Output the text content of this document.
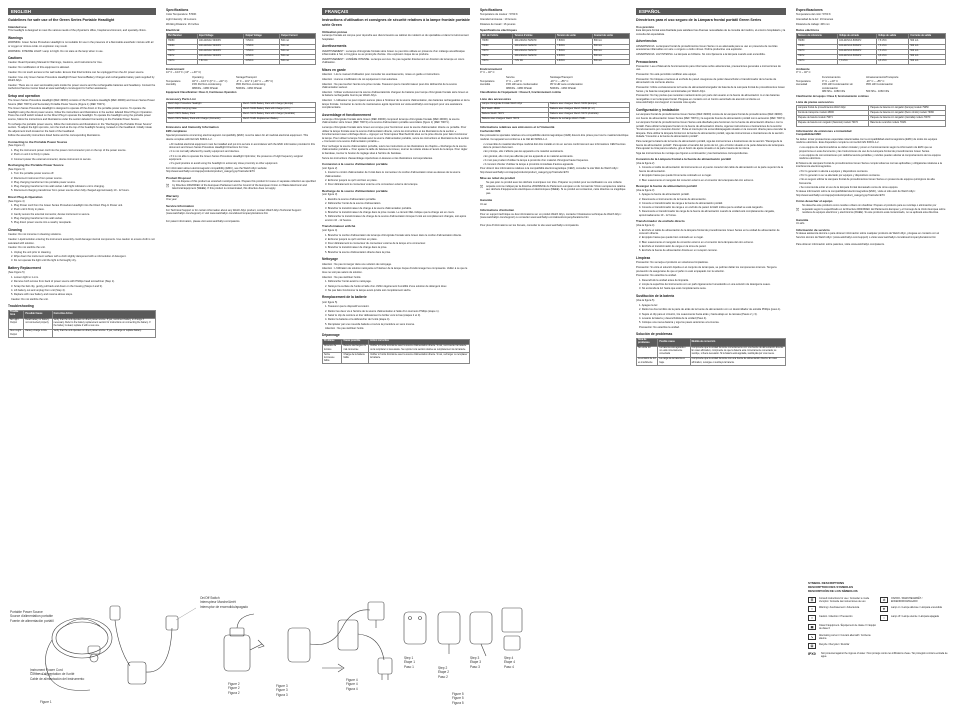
ENGLISH
Guidelines for safe use of the Green Series Portable Headlight
Intended use

This headlight is designed to meet the various needs of the physician's office, hospital environment, and specialty clinics.

Warnings

WARNING: Green Series Procedure Headlight is not suitable for use in the presence of a flammable anesthetic mixture with air or oxygen or nitrous oxide. An explosion may result.

WARNING: INTENSE LIGHT. Lamp is bright. Do not stare at the lamp when in use.

Cautions

Caution: Read Operating Manual for Warnings, Cautions, and Instructions for Use.

Caution: No modification of this equipment is allowed.

Caution: Do not touch access to the wall outlet. Ensure that this/combine can be unplugged from the AC power source.

Caution: Use only Green Series Procedure Headlight Power Source/Battery Charger and rechargeable battery pack supplied by Welch Allyn.

Caution: There are no user serviceable parts inside the power source and the rechargeable batteries and headlamp. Contact the Authorized Service Center listed at www.welchallyn.com/support for further assistance.

Setup and operation

The Green Series Procedure Headlight (REF 49000) consists of the Procedure Headlight (REF 49000) and Green Series Power Source (REF 79074) and Secondary Portable Power Source (Figure 1) (REF 79071).

The Green Series Procedure Headlight is designed to operate off the direct or the portable power source. To operate the headlight using the direct power source, follow the instructions and illustrations in the section labeled Direct Plug-In Operation. Press the on/off switch located on the Direct Plug-In operate the headlight. To operate the headlight using the portable power source, follow the instructions and illustrations under the section labeled Connecting to the Portable Power Source.

To recharge the portable power source, follow the instructions and illustrations in the "Recharging the Portable Power Source" section. To adjust the light spot size, turn the knob at the top of the headlight housing, located on the headband. Initially rotate the adjustment knob located on the back of the headband.

Follow the assembly instructions listed below and the corresponding illustrations.

Connecting to the Portable Power Source

(See Figure 2)

1. Plug the instrument power cord into the power cord connector port on the top of the power source.
2. Push on unit it is firmly in place.
3. Connect power the external connector, devise instrument to secure.
Recharging the Portable Power Source

(See Figure 3)

1. Turn the portable power source off.
2. Disconnect instrument from power source.
3. Plug charging transformer into portable power source.
4. Plug charging transformer into wall socket. LED light indicators unit is charging.
5. Disconnect charging transformer from power source when fully charged approximately 10 - 12 hours.
Direct Plug-In Operation

(See Figure 4)

1. Plug Power cord from the Green Series Procedure Headlight into the Direct Plug-In Power unit.
2. Push until it firmly in place.
3. Gently secure the external connector, devise instrument to secure.
4. Plug charging transformer into wall socket.
5. Plug direct power source into a nearby receptacle.
Cleaning

Caution: Do not immerse in cleaning solutions.

Caution: Liquid solution entering the instrument assembly could damage internal components. Use caution to ensure cloth is not saturated with solution.

Caution: Do not sterilize the unit.

1. Unplug the unit prior to cleaning.
2. Wipe down the instrument surface with a cloth slightly dampened with a mild solution of detergent.
3. Do not operate the light until the light is thoroughly dry.
Battery Replacement

(See Figure 5)

1. Loosen light to 1-mm.
2. Remove both screws from back of power source with Phillips head screwdriver (Step 1).
3. Scrap the belt clip, gently pull back and down on the housing (Steps 2 and 3).
4. Lift battery out and unplug from unit (Step 4).
5. Replace with new battery and reverse above steps.
Caution: Do not sterilize the unit.
Troubleshooting
Trouble Area	Possible Cause	Corrective Action
No Light Output	Dead battery or battery not connected properly	Verify that the unit operates on direct power source. If yes, reconnect battery or change if necessary. Refer to the battery replacement section for instructions on connecting the battery. If the battery is dead, replace it with a new one.
Short Light Output	Battery charge is low.	Verify that the unit operates on direct power source. If yes, recharge or replace battery.
Specifications

Color Temperature: 5700K

Light Intensity: 19 Lumens

Working Distance: 16 Inches

Electrical
Part Number	Input Voltage	Output Voltage	Output Current
79050	100-240VAC 50/60Hz	7.8VDC	500 mA
79060	100-240VAC 50/60Hz	7.8VDC	500 mA
79070	100-240VAC 50/60Hz	7.8VDC	500 mA
79072	100-240VAC 50/60Hz	4.8VDC	500 mA
79074	7.8V DC	4.8VDC	500 mA
Environment

10° F ~ 104° F (-10° ~ +40° C)

Operating	Storage/Transport
Temperature	32° F ~ 104° F (0° C ~ +40° C)	-4° F ~ 131° F (-20° C ~ +55° C)
Humidity	15% RH Non-condensing	95% RH Non-condensing
980hPa - 1080 hPa/alt	500hPa - 1060 hPa/alt

Equipment Classification: Class II, Continuous Operation

Accessory Parts List
Welch Allyn Procedure Headlight	Welch 79050 Battery Pack with Charger (Europe)
Welch 48000 Carrying Case	Welch 79060 Battery Pack with Charger (U.K.)
Welch 79071 Battery Pack	Welch 79070 Battery Pack with Charger (Australia)
Welch 79072 Battery Pack with Charger (Domestic)	Welch 79181 Replacement Battery
Emissions and Immunity Information

EMC compliance

Special precautions concerning electromagnetic compatibility (EMC) must be taken for all medical electrical equipment. This device complies with IEC EN 60601-1-2.

• All medical electrical equipment must be installed and put into service in accordance with the EMC information provided in this document and Green Series Procedure Headlight Directions For Use.
• It is not normally affected by nearby equipment and devices.
• If it is not able to operate the Green Series Procedure Headlight Optimizer, the presence of High frequency surgical equipment.
• It's good practice to avoid using the headlight in extremely close proximity to other equipment.

For information about electromagnetic compatibility (EMC), see the Welch Allyn website: http://www.welchallyn.com/apps/products/product_category.jsp?catcode=ETC

Product Disposal

Do not dispose of this product as unsorted municipal waste. Prepare this product for reuse or separate collection as specified by Directive 2002/96/EC of the European Parliament and the Council of the European Union on Waste Electronic and Electrical Equipment (WEEE). If this product is contaminated, this directive does not apply.

Warranty

One year

Service Information

For Technical Support or for certain information about any Welch Allyn product, contact Welch Allyn Technical Support: (www.welchallyn.com/support) or visit www.welchallyn.com/about/company/locations.htm

For patent information, please visit www.welchallyn.com/patents.

FRANÇAIS
Instructions d'utilisation et consignes de sécurité relatives à la lampe frontale portable série Green
Utilisation prévue

La lampe frontale est conçue pour répondre aux divers besoins au cabinet du médecin et du spécialiste et dans l'environnement hospitalier.

Avertissements

AVERTISSEMENT : La lampe chirurgicale frontale série Green ne peut être utilisée en présence d'un mélange anesthésique inflammable à l'air, à l'oxygène ou au protoxyde d'azote. Une explosion risque de se produire.

AVERTISSEMENT : LUMIÈRE INTENSE. La lampe est vive. Ne pas regarder directement en direction de la lampe en cours d'utilisation.

Mises en garde

Attention : Lire le manuel d'utilisation pour consulter les avertissements, mises en garde et instructions.

Attention : Aucune modification de cet équipement n'est autorisée.

Attention : Ne pas toucher l'accès à la prise murale. S'assurer que le transformateur peut être débranché de la source d'alimentation secteur.

Attention : Utiliser exclusivement la source d'alimentation/le chargeur de batterie pour lampe chirurgicale frontale série Green et la batterie rechargeable fournis par Welch Allyn.

Attention : L'utilisateur ne peut réparer aucune pièce à l'intérieur de la source d'alimentation, des batteries rechargeables et de la lampe frontale. Contacter le centre de maintenance agréé répertorié sur www.welchallyn.com/support pour une assistance complémentaire.

Assemblage et fonctionnement

La lampe chirurgicale frontale série Green (REF 49000) comprend la lampe chirurgicale frontale (REF 49000), la source d'alimentation série Green (REF 79074) et la source d'alimentation portable secondaire (figure 1) (REF 79071).

La lampe chirurgicale frontale série Green est conçue pour fonctionner avec la source d'alimentation directe ou portable. Pour utiliser la lampe frontale avec la source d'alimentation directe, suivre les instructions et les illustrations de la section « Fonctionnement avec enfichage direct ». Appuyer sur l'interrupteur Marche/Arrêt situé sur la prise directe pour faire fonctionner la lampe. Pour utiliser la lampe frontale avec la source d'alimentation portable, suivre les instructions et illustrations de la section « Connexion à la source d'alimentation portable ».

Pour recharger la source d'alimentation portable, suivre les instructions et les illustrations du chapitre « Recharge de la source d'alimentation portable ». Pour ajuster la taille du faisceau lumineux, tourner la molette située à l'avant de la lampe. Pour régler le bandeau, tourner le bouton de réglage situé à l'arrière du bandeau.

Suivre les instructions d'assemblage répertoriées ci-dessous et les illustrations correspondantes.

Connexion à la source d'alimentation portable

(voir figure 2)

1. Insérer le cordon d'alimentation de l'unité dans le connecteur du cordon d'alimentation situé au-dessus de la source d'alimentation.
2. Enfoncer jusqu'à ce qu'il soit bien en place.
3. Fixer délicatement le connecteur externe et le connecteur externe de la lampe.
Recharge de la source d'alimentation portable

(voir figure 3)

1. Eteindre la source d'alimentation portable.
2. Débrancher l'unité de la source d'alimentation.
3. Brancher le transformateur de charge à la source d'alimentation portable.
4. Brancher le transformateur de charge dans la prise murale. Le témoin DEL indique que la charge est en cours.
5. Débrancher le transformateur de charge de la source d'alimentation lorsque l'unité est complètement chargée, soit après environ 10 - 12 heures.
Transformateur enfiché

(voir figure 4)

1. Brancher le cordon d'alimentation de la lampe chirurgicale frontale série Green dans le cordon d'alimentation directe.
2. Enfoncer jusqu'à ce qu'il soit bien en place.
3. Fixer délicatement le connecteur du connecteur externe de la lampe et le connecteur.
4. Brancher le transformateur de charge dans la prise.
5. Brancher la source d'alimentation directe dans la prise.
Nettoyage

Attention : Ne pas immerger dans une solution de nettoyage.

Attention : L'infiltration de solution nettoyante à l'intérieur de la lampe risque d'endommager les composants. Veiller à ce que le tissu ne soit pas saturé de solution.

Attention : Ne pas stériliser l'unité.

1. Débrancher l'unité avant le nettoyage.
2. Nettoyer la surface de l'unité à l'aide d'un chiffon légèrement humidifié d'une solution de détergent doux.
3. Ne pas faire fonctionner la lampe avant qu'elle soit complètement sèche.
Remplacement de la batterie

(voir figure 5)

1. S'assurer que le dispositif est éteint.
2. Retirer les deux vis à l'arrière de la source d'alimentation à l'aide d'un tournevis Phillips (étape 1).
3. Saisir le clip de ceinture et tirer délicatement le boîtier vers le bas (étapes 2 et 3).
4. Retirer la batterie et la débrancher de l'unité (étape 4).
5. Remplacer par une nouvelle batterie et suivre la procédure en sens inverse.
Attention : Ne pas stériliser l'unité.
Dépannage
Problème	Cause possible	Action corrective
Absence de lumière	Batterie déchargée ou mal connectée	Vérifier si l'unité fonctionne avec la source d'alimentation directe. Si oui, reconnecter la batterie ou la remplacer si nécessaire. Se reporter à la section relative au remplacement de la batterie.
Sortie lumineuse faible	Charge de la batterie faible	Vérifier si l'unité fonctionne avec la source d'alimentation directe. Si oui, recharger ou remplacer la batterie.
Spécifications

Température de couleur : 5700 K

Intensité lumineuse : 19 lumens

Distance de travail : 16 pouces

Spécifications électriques
Réf. de l'article	Tension d'entrée	Tension de sortie	Courant de sortie
79050	100-240VAC 50/60Hz	7.8VDC	500 mA
79060	100-240VAC 50/60Hz	7.8VDC	500 mA
79070	100-240VAC 50/60Hz	7.8VDC	500 mA
79072	100-240VAC 50/60Hz	4.8VDC	500 mA
79074	7.8V DC	4.8VDC	500 mA
Environnement

0° C ~ 40° C

Service	Stockage/Transport
Température	0° C ~ +40° C	-20° C ~ +55° C
Humidité	15% HR sans condensation	95 % HR sans condensation
980hPa - 1080 hPa/alt	500hPa - 1060 hPa/alt

Classification de l'équipement : Classe II, fonctionnement continu

Liste des accessoires
Lampe chirurgicale frontale Welch Allyn	Batterie avec chargeur Welch 79050 (Europe)
Étui Welch 48000	Batterie avec chargeur Welch 79060 (R.-U.)
Batterie Welch 79071	Batterie avec chargeur Welch 79070 (Australie)
Batterie avec chargeur Welch 79072	Batterie de rechange Welch 79181
Informations relatives aux émissions et à l'immunité

Conformité CEM

Des précautions spéciales relatives à la compatibilité électromagnétique (CEM) doivent être prises pour tout le matériel électrique médical. Cet appareil est conforme à la CEI EN 60601-1-2.

• L'ensemble du matériel électrique médical doit être installé et mis en service conformément aux informations CEM fournies dans le présent document.
• En principe, elle n'affecte pas les appareils et le matériel avoisinants.
• En général, elle n'est pas affectée par les appareils et le matériel avoisinants.
• Il n'est pas prudent d'utiliser la lampe à proximité d'un matériel chirurgical haute fréquence.
• Il convient d'éviter d'utiliser la lampe à proximité immédiate d'autres appareils.

Pour obtenir des informations relatives à la compatibilité électromagnétique (CEM), consulter le site Web de Welch Allyn : http://www.welchallyn.com/apps/products/product_category.jsp?catcode=ETC

Mise au rebut du produit

Ne pas jeter ce produit avec les déchets municipaux non triés. Préparer ce produit pour sa réutilisation ou une collecte séparée comme indiqué par la directive 2002/96/CE du Parlement européen et du Conseil de l'Union européenne relative aux déchets d'équipements électriques et électroniques (DEEE). Si ce produit est contaminé, cette directive ne s'applique pas.

Garantie

Un an

Informations d'entretien

Pour un support technique ou des informations sur un produit Welch Allyn, contacter l'Assistance technique de Welch Allyn : (www.welchallyn.com/support) ou consulter www.welchallyn.com/about/company/locations.htm

Pour plus d'informations sur les brevets, consulter le site www.welchallyn.com/patents.

ESPAÑOL
Directrices para el uso seguro de la Lámpara frontal portátil Green Series
Uso previsto

Esta lámpara frontal está diseñada para satisfacer las diversas necesidades de la consulta del médico, el entorno hospitalario y la consulta del especialista.

Advertencias

ADVERTENCIA: La lámpara frontal de procedimientos Green Series no es adecuada para su uso en presencia de mezclas anestésicas inflamables con aire u oxígeno u óxido nitroso. Podría producirse una explosión.

ADVERTENCIA: LUZ INTENSA. La lámpara es brillante. No mire fijamente a la lámpara cuando esté encendida.

Precauciones

Precaución: Lea el Manual de funcionamiento para informarse sobre advertencias, precauciones generales e instrucciones de uso.

Precaución: No está permitido modificar este equipo.

Precaución: No bloquee el acceso al enchufe de pared. Asegúrese de poder desenchufar el transformador de la fuente de alimentación de corriente alterna.

Precaución: Utilice exclusivamente la Fuente de alimentación/cargador de batería de la Lámpara frontal de procedimientos Green Series y la batería recargable suministradas por Welch Allyn.

Precaución: No hay piezas que necesiten mantenimiento por parte del usuario en la fuente de alimentación ni en las baterías recargables ni en la lámpara frontal. Póngase en contacto con el Centro autorizado de atención al cliente en www.welchallyn.com/support si necesita más ayuda.

Configuración y instalación

La Lámpara frontal de procedimientos Green Series (REF 49000) consta de la Lámpara frontal de procedimientos (REF 49000) con fuente de alimentación Green Series (REF 79074) y la segunda Fuente de alimentación portátil como accesorio (REF 79071).

La Lámpara frontal de procedimientos Green Series está diseñada para funcionar con la fuente de alimentación directa o con la portátil. Para utilizar la lámpara frontal con la fuente de alimentación directa, siga las instrucciones e ilustraciones de la sección "Funcionamiento por conexión directa". Pulse el interruptor de encendido/apagado situado en la conexión directa para encender la lámpara. Para utilizar la lámpara frontal con la fuente de alimentación portátil, siga las instrucciones e ilustraciones de la sección titulada "Conexión a la fuente de alimentación portátil".

Para recargar la batería de la fuente de alimentación portátil, siga las instrucciones e ilustraciones de la sección "Recarga de la fuente de alimentación portátil". Para ajustar el tamaño del punto de luz, gire el botón situado en la parte delantera de la lámpara. Para ajustar la cinta para la cabeza, gire el botón de ajuste situado en la parte trasera de la misma.

Siga las instrucciones de montaje que figuran a continuación y las ilustraciones correspondientes.

Conexión de la Lámpara frontal a la fuente de alimentación portátil

(Vea la figura 2)

1. Conecte el cable de alimentación del instrumento en el puerto conector del cable de alimentación en la parte superior de la fuente de alimentación.
2. Empújelo hasta que quede firmemente colocado en su lugar.
3. Bien suavemente el manguito del conector externo en el conector de la lampara del otro extremo.
Recargar la fuente de alimentación portátil

(Vea la figura 3)

1. Apague la fuente de alimentación portátil.
2. Desconecte el instrumento de la fuente de alimentación.
3. Conecte el transformador de carga a la fuente de alimentación portátil.
4. Conecte el transformador de carga a un enchufe de pared. El LED indica que la unidad se está cargando.
5. Desconecte el transformador de carga de la fuente de alimentación cuando la unidad esté completamente cargada, aproximadamente 10 - 12 horas.
Transformador de enchufe directo

(Vea la figura 4)

1. Enchufe el cable de alimentación de la lámpara frontal de procedimientos Green Series en la unidad de alimentación de conexión directa.
2. Empújelo hasta que quede bien colocado en su lugar.
3. Bien suavemente el manguito de conexión externo en el conector de la lámpara del otro extremo.
4. Enchufe el transformador de carga en la toma de pared.
5. Enchufe la fuente de alimentación directa en un receptor cercano.
Limpieza

Precaución: No sumerja el producto en soluciones limpiadoras.

Precaución: Si entra el solución líquida en el conjunto de la lámpara, se podrían dañar los componentes internos. Tenga la precaución de asegurarse de que el paño no esté empapado con la solución.

Precaución: No esterilice la unidad.

1. Desenchufe la unidad antes de limpiarla.
2. Limpie la superficie del instrumento con un paño ligeramente humedecido en una solución de detergente suave.
3. No encienda la luz hasta que esté completamente seca.
Sustitución de la batería

(Vea la figura 5)

1. Apague la luz.
2. Retire los dos tornillos de la parte de atrás de la fuente de alimentación con un destornillador de estrella Phillips (paso 1).
3. Sujete el clip para el cinturón, tire suavemente hacia atrás y hacia abajo en la carcasa (Pasos 2 y 3).
4. Levante la batería y desenchúfela de la unidad (Paso 4).
5. Coloque una nueva batería y siga los pasos anteriores a la inversa.
Precaución: No esterilice la unidad.
Solución de problemas
Área de problemas	Posible causa	Medida de corrección
No emite luz	La batería está agotada o no está correctamente conectada	Compruebe que la unidad funcione correctamente con una fuente de alimentación directa. En caso afirmativo, compruebe de que la batería esté correctamente conectada; sé sustitye, si fuera necesario. Si la batería está agotada, sustitúyala por una nueva.
La emisión de luz es insuficiente	La carga de la batería es baja.	Compruebe que la unidad funcione con una fuente de alimentación directa. En caso afirmativo, recargue o sustituya la batería.
Especificaciones

Temperatura del color: 5700 K

Intensidad de la luz: 19 lúmenes

Distancia de trabajo: 406 mm

Datos eléctricos
Número de referencia	Voltaje de entrada	Voltaje de salida	Corriente de salida
79050	100-240VCA 50/60Hz	7,8 VCC	500 mA
79060	100-240VCA 50/60Hz	7,8 VCC	500 mA
79070	100-240VCA 50/60Hz	7,8 VCC	500 mA
79072	100-240VCA 50/60Hz	4,8 VCC	500 mA
79074	7,8 VCC	4,8 VCC	500 mA
Ambiente

0° C ~ 40° C

Funcionamiento	Almacenamiento/Transporte
Temperatura	0° C ~ +40° C	-20° C ~ +55° C
Humedad	15% HR Condensación sin condensación
95% HR Condensación
980 hPa - 1080 hPa	500 hPa - 1060 hPa

Clasificación del equipo: Clase II, funcionamiento continuo

Lista de piezas accesorios
Lámpara frontal de procedimientos Welch Allyn	Paquete de batería con cargador (Europa) modelo 79050
Funda de transporte modelo 48000	Paquete de batería con cargador (Reino Unido) modelo 79060
Paquete de batería modelo 79071	Paquete de batería con cargador (Australia) modelo 79070
Paquete de batería con cargador (Nacional) modelo 79072	Batería de recambio modelo 79181
Información de emisiones e inmunidad

Compatibilidad EMC

Se deben tomar precauciones especiales relacionadas con la compatibilidad electromagnética (EMC) de todos los equipos médicos eléctricos. Este dispositivo cumple la norma IEC EN 60601-1-2.

• Los equipos de electromedicina se deben instalar y poner en funcionamiento según la información de EMC que se proporciona en este documento y las Instrucciones de uso de la Lámpara frontal de procedimientos Green Series.
• Los equipos de comunicaciones por radiofrecuencia portátiles y móviles pueden afectar al comportamiento de los equipos médicos eléctricos.

El Sistema de Lámpara frontal de procedimientos Green Series cumple todas las normas aplicables y obligatorias relativas a la interferencia electromagnética.

• Por lo general no afecta a equipos y dispositivos cercanos.
• Por lo general no se ve afectado por equipos y dispositivos cercanos.
• No es seguro utilizar la Lámpara frontal de procedimientos Green Series en presencia de equipos quirúrgicos de alta frecuencia.
• Se recomienda evitar el uso de la lámpara frontal demasiado cerca de otros equipos.

Si desea información sobre la compatibilidad electromagnética (EMC), visite el sitio web de Welch Allyn: http://www.welchallyn.com/apps/products/product_category.jsp?catcode=ETC

Cómo desechar el equipo

No deseche este producto como residuo urbano sin clasificar. Prepare el producto para su reciclaje o eliminación por separado según lo especificado en la Directiva 2002/96/EC del Parlamento Europeo y el Consejo de la Unión Europea sobre residuos de equipos eléctricos y electrónicos (RAEE). Si este producto está contaminado, no se aplicará esta directiva.

Garantía

Un año

Información de servicio

Si desea asistencia técnica o para obtener información sobre cualquier producto de Welch Allyn, póngase en contacto con el Servicio técnico de Welch Allyn: (www.welchallyn.com/support) o visite www.welchallyn.com/about/company/locations.htm

Para obtener información sobre patentes, visite www.welchallyn.com/patents.

Portable Power Source
Source d'alimentation portable
Fuente de alimentación portátil
Instrument Power Cord
Cordon d'alimentation de l'unité
Cable de alimentación del instrumento
On/Off Switch
Interrupteur Marche/Arrêt
Interruptor de encendido/apagado
Figure 1
Figure 2
Figure 2
Figura 2
Figure 3
Figure 3
Figura 3
Figure 4
Figure 4
Figura 4
Step 1
Étape 1
Paso 1	Step 2
Étape 2
Paso 2
Step 3
Étape 3
Paso 3
Step 4
Étape 4
Paso 4
Figure 5
Figure 5
Figura 5
SYMBOL DESCRIPTIONS
DESCRIPTION DES SYMBOLES
DESCRIPCIÓN DE LOS SÍMBOLOS
☰	Consult instructions for use / Consulter le mode d'emploi / Consulte las instrucciones de uso
!	Warning / Avertissement / Advertencia
!	Caution / Attention / Precaución
▣	Class II Equipment / Équipement de classe II / Equipo de clase II
∿	Alternating current / Courant alternatif / Corriente alterna
☒	Recycle / Recycler / Reciclar
⏻	ON/OFF / MARCHE/ARRÊT / ENCENDIDO/APAGADO
☀	Lamp on / Lampe allumée / Lámpara encendida
○	Lamp off / Lampe éteinte / Lámpara apagada
IPX0	Not protected against the ingress of water / Non protégé contre les infiltrations d'eau / No protegido contra la entrada de agua
